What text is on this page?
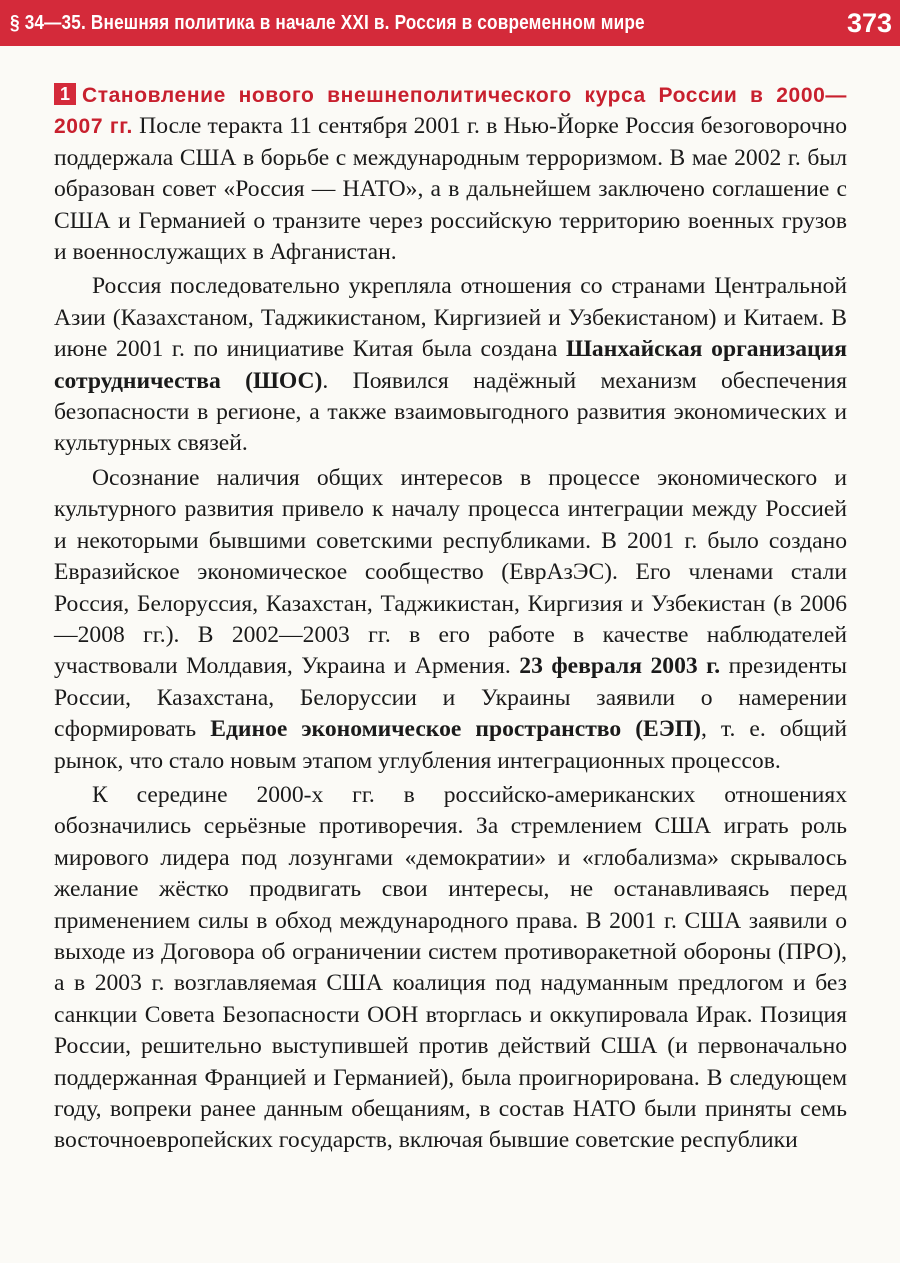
§ 34—35. Внешняя политика в начале XXI в. Россия в современном мире	373

1 Становление нового внешнеполитического курса России в 2000—2007 гг. После теракта 11 сентября 2001 г. в Нью-Йорке Россия безоговорочно поддержала США в борьбе с международным терроризмом. В мае 2002 г. был образован совет «Россия — НАТО», а в дальнейшем заключено соглашение с США и Германией о транзите через российскую территорию военных грузов и военнослужащих в Афганистан.

Россия последовательно укрепляла отношения со странами Центральной Азии (Казахстаном, Таджикистаном, Киргизией и Узбекистаном) и Китаем. В июне 2001 г. по инициативе Китая была создана Шанхайская организация сотрудничества (ШОС). Появился надёжный механизм обеспечения безопасности в регионе, а также взаимовыгодного развития экономических и культурных связей.

Осознание наличия общих интересов в процессе экономического и культурного развития привело к началу процесса интеграции между Россией и некоторыми бывшими советскими республиками. В 2001 г. было создано Евразийское экономическое сообщество (ЕврАзЭС). Его членами стали Россия, Белоруссия, Казахстан, Таджикистан, Киргизия и Узбекистан (в 2006—2008 гг.). В 2002—2003 гг. в его работе в качестве наблюдателей участвовали Молдавия, Украина и Армения. 23 февраля 2003 г. президенты России, Казахстана, Белоруссии и Украины заявили о намерении сформировать Единое экономическое пространство (ЕЭП), т. е. общий рынок, что стало новым этапом углубления интеграционных процессов.

К середине 2000-х гг. в российско-американских отношениях обозначились серьёзные противоречия. За стремлением США играть роль мирового лидера под лозунгами «демократии» и «глобализма» скрывалось желание жёстко продвигать свои интересы, не останавливаясь перед применением силы в обход международного права. В 2001 г. США заявили о выходе из Договора об ограничении систем противоракетной обороны (ПРО), а в 2003 г. возглавляемая США коалиция под надуманным предлогом и без санкции Совета Безопасности ООН вторглась и оккупировала Ирак. Позиция России, решительно выступившей против действий США (и первоначально поддержанная Францией и Германией), была проигнорирована. В следующем году, вопреки ранее данным обещаниям, в состав НАТО были приняты семь восточноевропейских государств, включая бывшие советские республики
